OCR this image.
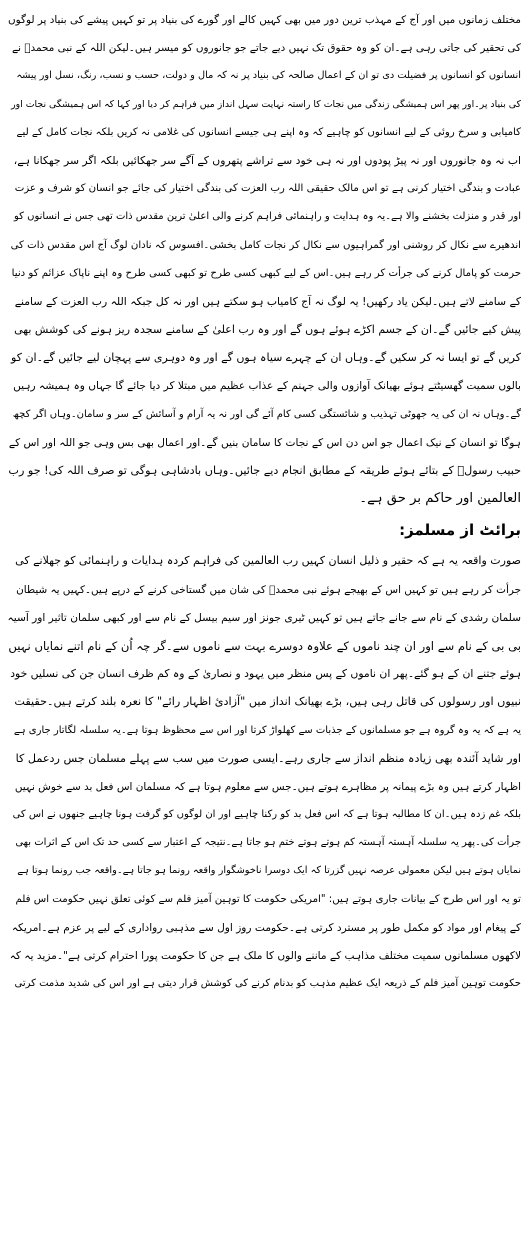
مختلف زمانوں میں اور آج کے مہذب ترین دور میں بھی کہیں کالے اور گورے کی بنیاد پر تو کہیں پیشے کی بنیاد پر لوگوں
کی تحقیر کی جاتی رہی ہے۔ان کو وہ حقوق تک نہیں دیے جاتے جو جانوروں کو میسر ہیں۔لیکن اللہ کے نبی محمدؐ نے
انسانوں کو انسانوں پر فضیلت دی تو ان کے اعمال صالحہ کی بنیاد پر نہ کہ مال و دولت، حسب و نسب، رنگ، نسل اور پیشہ
کی بنیاد پر۔اور پھر اس ہمیشگی زندگی میں نجات کا راستہ نہایت سہل انداز میں فراہم کر دیا اور کہا کہ اس ہمیشگی نجات اور
کامیابی و سرخ روئی کے لیے انسانوں کو چاہیے کہ وہ اپنے ہی جیسے انسانوں کی غلامی نہ کریں بلکہ نجات کامل کے لیے
اب نہ وہ جانوروں اور نہ پیڑ پودوں اور نہ ہی خود سے تراشے پتھروں کے آگے سر جھکائیں بلکہ اگر سر جھکانا ہے،
عبادت و بندگی اختیار کرنی ہے تو اس مالک حقیقی اللہ رب العزت کی بندگی اختیار کی جائے جو انسان کو شرف و عزت
اور قدر و منزلت بخشنے والا ہے۔یہ وہ ہدایت و راہنمائی فراہم کرنے والی اعلیٰ ترین مقدس ذات تھی جس نے انسانوں کو
اندھیرے سے نکال کر روشنی اور گمراہیوں سے نکال کر نجات کامل بخشی۔افسوس کہ نادان لوگ آج اس مقدس ذات کی
حرمت کو پامال کرنے کی جرأت کر رہے ہیں۔اس کے لیے کبھی کسی طرح تو کبھی کسی طرح وہ اپنے ناپاک عزائم کو دنیا
کے سامنے لاتے ہیں۔لیکن یاد رکھیں! یہ لوگ نہ آج کامیاب ہو سکتے ہیں اور نہ کل جبکہ اللہ رب العزت کے سامنے
پیش کیے جائیں گے۔ان کے جسم اکڑے ہوئے ہوں گے اور وہ رب اعلیٰ کے سامنے سجدہ ریز ہونے کی کوشش بھی
کریں گے تو ایسا نہ کر سکیں گے۔وہاں ان کے چہرے سیاہ ہوں گے اور وہ دوہری سے پہچان لیے جائیں گے۔ان کو
بالوں سمیت گھسیٹتے ہوئے بھیانک آوازوں والی جہنم کے عذاب عظیم میں مبتلا کر دیا جائے گا جہاں وہ ہمیشہ رہیں
گے۔وہاں نہ ان کی یہ جھوٹی تہذیب و شائستگی کسی کام آئے گی اور نہ یہ آرام و آسائش کے سر و سامان۔وہاں اگر کچھ
ہوگا تو انسان کے نیک اعمال جو اس دن اس کے نجات کا سامان بنیں گے۔اور اعمال بھی بس وہی جو اللہ اور اس کے
حبیب رسولؐ کے بتائے ہوئے طریقہ کے مطابق انجام دیے جائیں۔وہاں بادشاہی ہوگی تو صرف اللہ کی! جو رب
العالمین اور حاکم بر حق ہے۔
برائٹ از مسلمز:
صورت واقعہ یہ ہے کہ حقیر و ذلیل انسان کہیں رب العالمین کی فراہم کردہ ہدایات و راہنمائی کو جھلانے کی
جرأت کر رہے ہیں تو کہیں اس کے بھیجے ہوئے نبی محمدؐ کی شان میں گستاخی کرنے کے درپے ہیں۔کہیں یہ شیطان
سلمان رشدی کے نام سے جانے جاتے ہیں تو کہیں ٹیری جونز اور سیم بیسل کے نام سے اور کبھی سلمان تاثیر اور آسیہ
بی بی کے نام سے اور ان چند ناموں کے علاوہ دوسرے بہت سے ناموں سے۔گر چہ اُن کے نام اتنے نمایاں نہیں
ہوئے جتنے ان کے ہو گئے۔پھر ان ناموں کے پس منظر میں یہود و نصاریٰ کے وہ کم ظرف انسان جن کی نسلیں خود
نبیوں اور رسولوں کی قاتل رہی ہیں، بڑے بھیانک انداز میں "آزادیٔ اظہار رائے" کا نعرہ بلند کرتے ہیں۔حقیقت
یہ ہے کہ یہ وہ گروہ ہے جو مسلمانوں کے جذبات سے کھلواڑ کرتا اور اس سے محظوظ ہوتا ہے۔یہ سلسلہ لگاتار جاری ہے
اور شاید آئندہ بھی زیادہ منظم انداز سے جاری رہے۔ایسی صورت میں سب سے پہلے مسلمان جس ردعمل کا
اظہار کرتے ہیں وہ بڑے پیمانہ پر مظاہرے ہوتے ہیں۔جس سے معلوم ہوتا ہے کہ مسلمان اس فعل بد سے خوش نہیں
بلکہ غم زدہ ہیں۔ان کا مطالبہ ہوتا ہے کہ اس فعل بد کو رکنا چاہیے اور ان لوگوں کو گرفت ہونا چاہیے جنھوں نے اس کی
جرأت کی۔پھر یہ سلسلہ آہستہ آہستہ کم ہوتے ہوتے ختم ہو جاتا ہے۔نتیجہ کے اعتبار سے کسی حد تک اس کے اثرات بھی
نمایاں ہوتے ہیں لیکن معمولی عرصہ نہیں گزرتا کہ ایک دوسرا ناخوشگوار واقعہ رونما ہو جاتا ہے۔واقعہ جب رونما ہوتا ہے
تو یہ اور اس طرح کے بیانات جاری ہوتے ہیں: "امریکی حکومت کا توہین آمیز فلم سے کوئی تعلق نہیں حکومت اس فلم
کے پیغام اور مواد کو مکمل طور پر مسترد کرتی ہے۔حکومت روز اول سے مذہبی رواداری کے لیے پر عزم ہے۔امریکہ
لاکھوں مسلمانوں سمیت مختلف مذاہب کے ماننے والوں کا ملک ہے جن کا حکومت پورا احترام کرتی ہے"۔مزید یہ کہ
حکومت توہین آمیز فلم کے ذریعہ ایک عظیم مذہب کو بدنام کرنے کی کوشش قرار دیتی ہے اور اس کی شدید مذمت کرتی
